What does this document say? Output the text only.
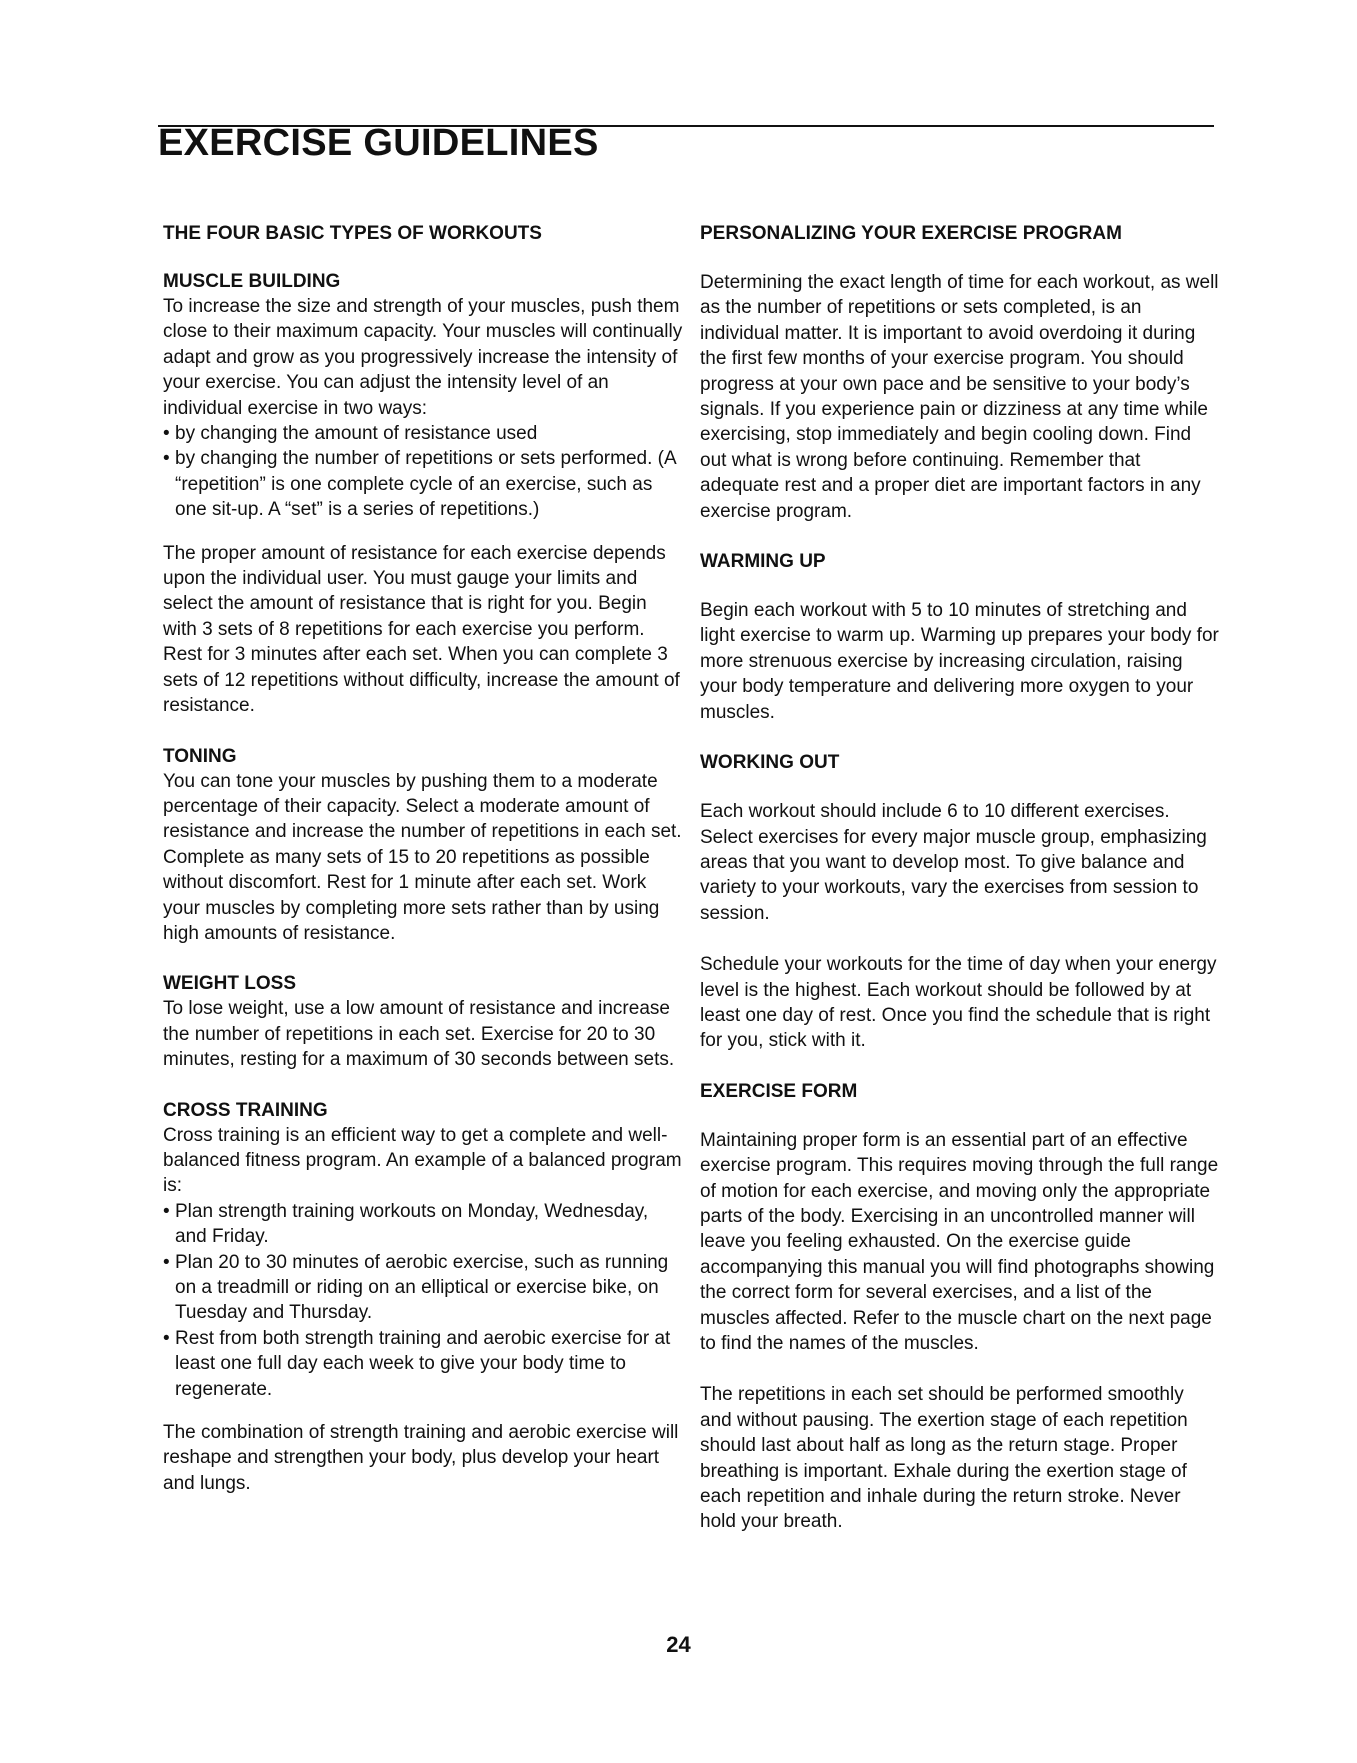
EXERCISE GUIDELINES
THE FOUR BASIC TYPES OF WORKOUTS
MUSCLE BUILDING

To increase the size and strength of your muscles, push them close to their maximum capacity. Your muscles will continually adapt and grow as you progressively increase the intensity of your exercise. You can adjust the intensity level of an individual exercise in two ways:

• by changing the amount of resistance used
• by changing the number of repetitions or sets performed. (A “repetition” is one complete cycle of an exercise, such as one sit-up. A “set” is a series of repetitions.)

The proper amount of resistance for each exercise depends upon the individual user. You must gauge your limits and select the amount of resistance that is right for you. Begin with 3 sets of 8 repetitions for each exercise you perform. Rest for 3 minutes after each set. When you can complete 3 sets of 12 repetitions without difficulty, increase the amount of resistance.

TONING

You can tone your muscles by pushing them to a moderate percentage of their capacity. Select a moderate amount of resistance and increase the number of repetitions in each set. Complete as many sets of 15 to 20 repetitions as possible without discomfort. Rest for 1 minute after each set. Work your muscles by completing more sets rather than by using high amounts of resistance.

WEIGHT LOSS

To lose weight, use a low amount of resistance and increase the number of repetitions in each set. Exercise for 20 to 30 minutes, resting for a maximum of 30 seconds between sets.

CROSS TRAINING

Cross training is an efficient way to get a complete and well-balanced fitness program. An example of a balanced program is:

• Plan strength training workouts on Monday, Wednesday, and Friday.
• Plan 20 to 30 minutes of aerobic exercise, such as running on a treadmill or riding on an elliptical or exercise bike, on Tuesday and Thursday.
• Rest from both strength training and aerobic exercise for at least one full day each week to give your body time to regenerate.

The combination of strength training and aerobic exercise will reshape and strengthen your body, plus develop your heart and lungs.

PERSONALIZING YOUR EXERCISE PROGRAM

Determining the exact length of time for each workout, as well as the number of repetitions or sets completed, is an individual matter. It is important to avoid overdoing it during the first few months of your exercise program. You should progress at your own pace and be sensitive to your body’s signals. If you experience pain or dizziness at any time while exercising, stop immediately and begin cooling down. Find out what is wrong before continuing. Remember that adequate rest and a proper diet are important factors in any exercise program.

WARMING UP

Begin each workout with 5 to 10 minutes of stretching and light exercise to warm up. Warming up prepares your body for more strenuous exercise by increasing circulation, raising your body temperature and delivering more oxygen to your muscles.

WORKING OUT

Each workout should include 6 to 10 different exercises. Select exercises for every major muscle group, emphasizing areas that you want to develop most. To give balance and variety to your workouts, vary the exercises from session to session.

Schedule your workouts for the time of day when your energy level is the highest. Each workout should be followed by at least one day of rest. Once you find the schedule that is right for you, stick with it.

EXERCISE FORM

Maintaining proper form is an essential part of an effective exercise program. This requires moving through the full range of motion for each exercise, and moving only the appropriate parts of the body. Exercising in an uncontrolled manner will leave you feeling exhausted. On the exercise guide accompanying this manual you will find photographs showing the correct form for several exercises, and a list of the muscles affected. Refer to the muscle chart on the next page to find the names of the muscles.

The repetitions in each set should be performed smoothly and without pausing. The exertion stage of each repetition should last about half as long as the return stage. Proper breathing is important. Exhale during the exertion stage of each repetition and inhale during the return stroke. Never hold your breath.

24
